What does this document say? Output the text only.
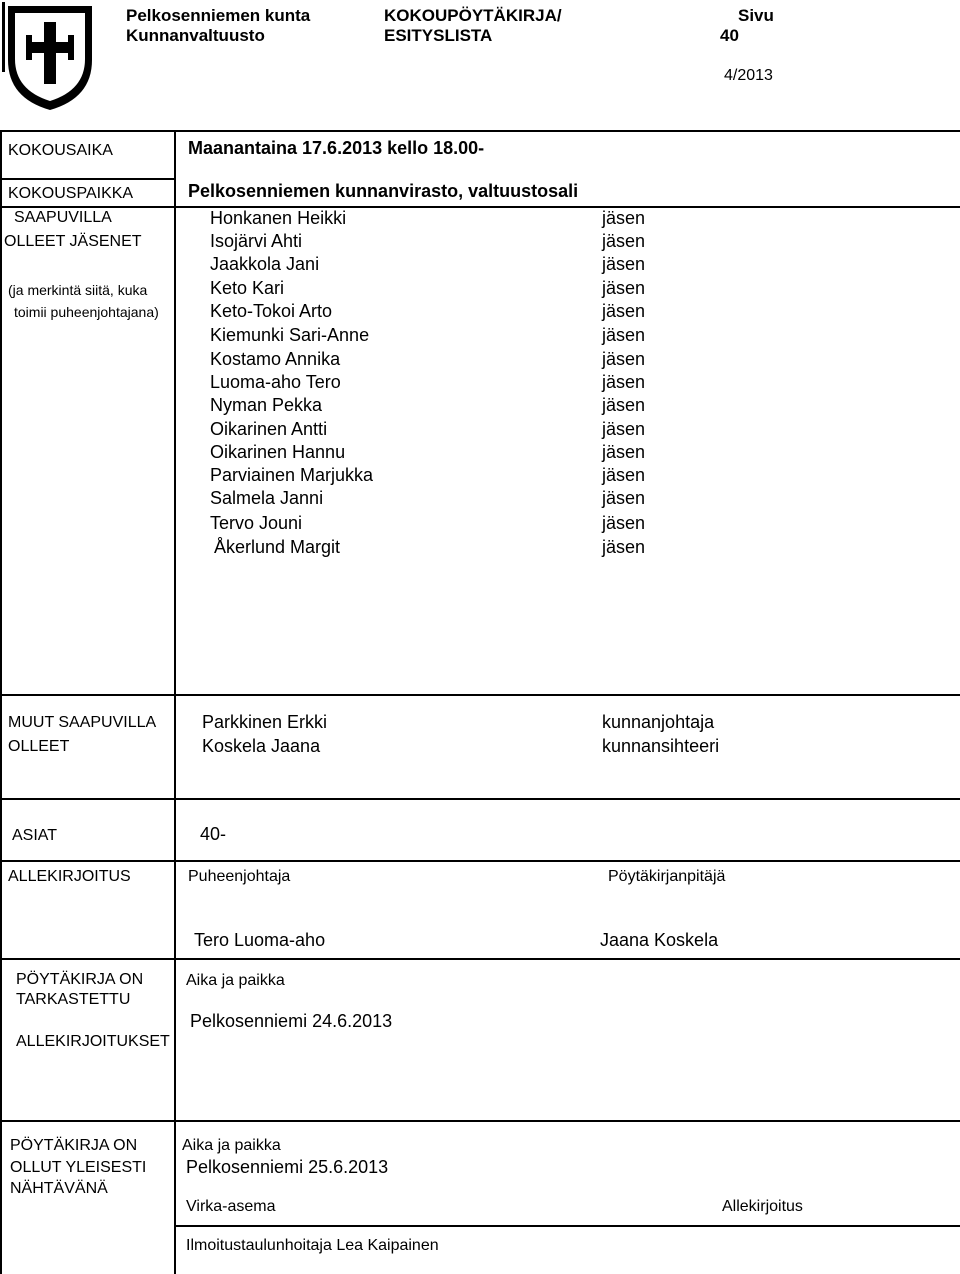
Pelkosenniemen kunta
Kunnanvaltuusto
KOKOUPÖYTÄKIRJA/
ESITYSLISTA
Sivu
40
4/2013
KOKOUSAIKA	Maanantaina 17.6.2013 kello 18.00-
KOKOUSPAIKKA	Pelkosenniemen kunnanvirasto, valtuustosali
SAAPUVILLA
OLLEET JÄSENET
(ja merkintä siitä, kuka
toimii puheenjohtajana)
Honkanen Heikki	jäsen
Isojärvi Ahti	jäsen
Jaakkola Jani	jäsen
Keto Kari	jäsen
Keto-Tokoi Arto	jäsen
Kiemunki Sari-Anne	jäsen
Kostamo Annika	jäsen
Luoma-aho Tero	jäsen
Nyman Pekka	jäsen
Oikarinen Antti	jäsen
Oikarinen Hannu	jäsen
Parviainen Marjukka	jäsen
Salmela Janni	jäsen
Tervo Jouni	jäsen
Åkerlund Margit	jäsen
MUUT SAAPUVILLA
OLLEET
Parkkinen Erkki	kunnanjohtaja
Koskela Jaana	kunnansihteeri
ASIAT	40-
ALLEKIRJOITUS	Puheenjohtaja	Pöytäkirjanpitäjä
Tero Luoma-aho	Jaana Koskela
PÖYTÄKIRJA ON
TARKASTETTU
ALLEKIRJOITUKSET
Aika ja paikka
Pelkosenniemi 24.6.2013
PÖYTÄKIRJA ON
OLLUT YLEISESTI
NÄHTÄVÄNÄ
Aika ja paikka
Pelkosenniemi 25.6.2013
Virka-asema	Allekirjoitus
Ilmoitustaulunhoitaja Lea Kaipainen
